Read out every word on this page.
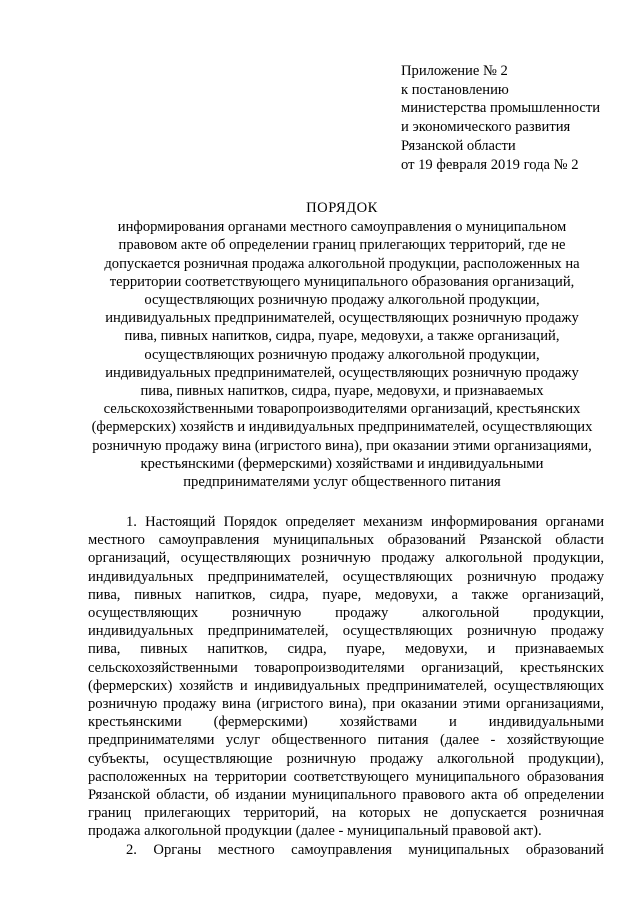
Приложение № 2
к постановлению
министерства промышленности
и экономического развития
Рязанской области
от 19 февраля 2019 года № 2
ПОРЯДОК
информирования органами местного самоуправления о муниципальном
правовом акте об определении границ прилегающих территорий, где не
допускается розничная продажа алкогольной продукции, расположенных на
территории соответствующего муниципального образования организаций,
осуществляющих розничную продажу алкогольной продукции,
индивидуальных предпринимателей, осуществляющих розничную продажу
пива, пивных напитков, сидра, пуаре, медовухи, а также организаций,
осуществляющих розничную продажу алкогольной продукции,
индивидуальных предпринимателей, осуществляющих розничную продажу
пива, пивных напитков, сидра, пуаре, медовухи, и признаваемых
сельскохозяйственными товаропроизводителями организаций, крестьянских
(фермерских) хозяйств и индивидуальных предпринимателей, осуществляющих
розничную продажу вина (игристого вина), при оказании этими организациями,
крестьянскими (фермерскими) хозяйствами и индивидуальными
предпринимателями услуг общественного питания
1. Настоящий Порядок определяет механизм информирования органами
местного самоуправления муниципальных образований Рязанской области
организаций, осуществляющих розничную продажу алкогольной продукции,
индивидуальных предпринимателей, осуществляющих розничную продажу
пива, пивных напитков, сидра, пуаре, медовухи, а также организаций,
осуществляющих розничную продажу алкогольной продукции,
индивидуальных предпринимателей, осуществляющих розничную продажу
пива, пивных напитков, сидра, пуаре, медовухи, и признаваемых
сельскохозяйственными товаропроизводителями организаций, крестьянских
(фермерских) хозяйств и индивидуальных предпринимателей, осуществляющих
розничную продажу вина (игристого вина), при оказании этими организациями,
крестьянскими (фермерскими) хозяйствами и индивидуальными
предпринимателями услуг общественного питания (далее - хозяйствующие
субъекты, осуществляющие розничную продажу алкогольной продукции),
расположенных на территории соответствующего муниципального образования
Рязанской области, об издании муниципального правового акта об определении
границ прилегающих территорий, на которых не допускается розничная
продажа алкогольной продукции (далее - муниципальный правовой акт).
2. Органы местного самоуправления муниципальных образований
